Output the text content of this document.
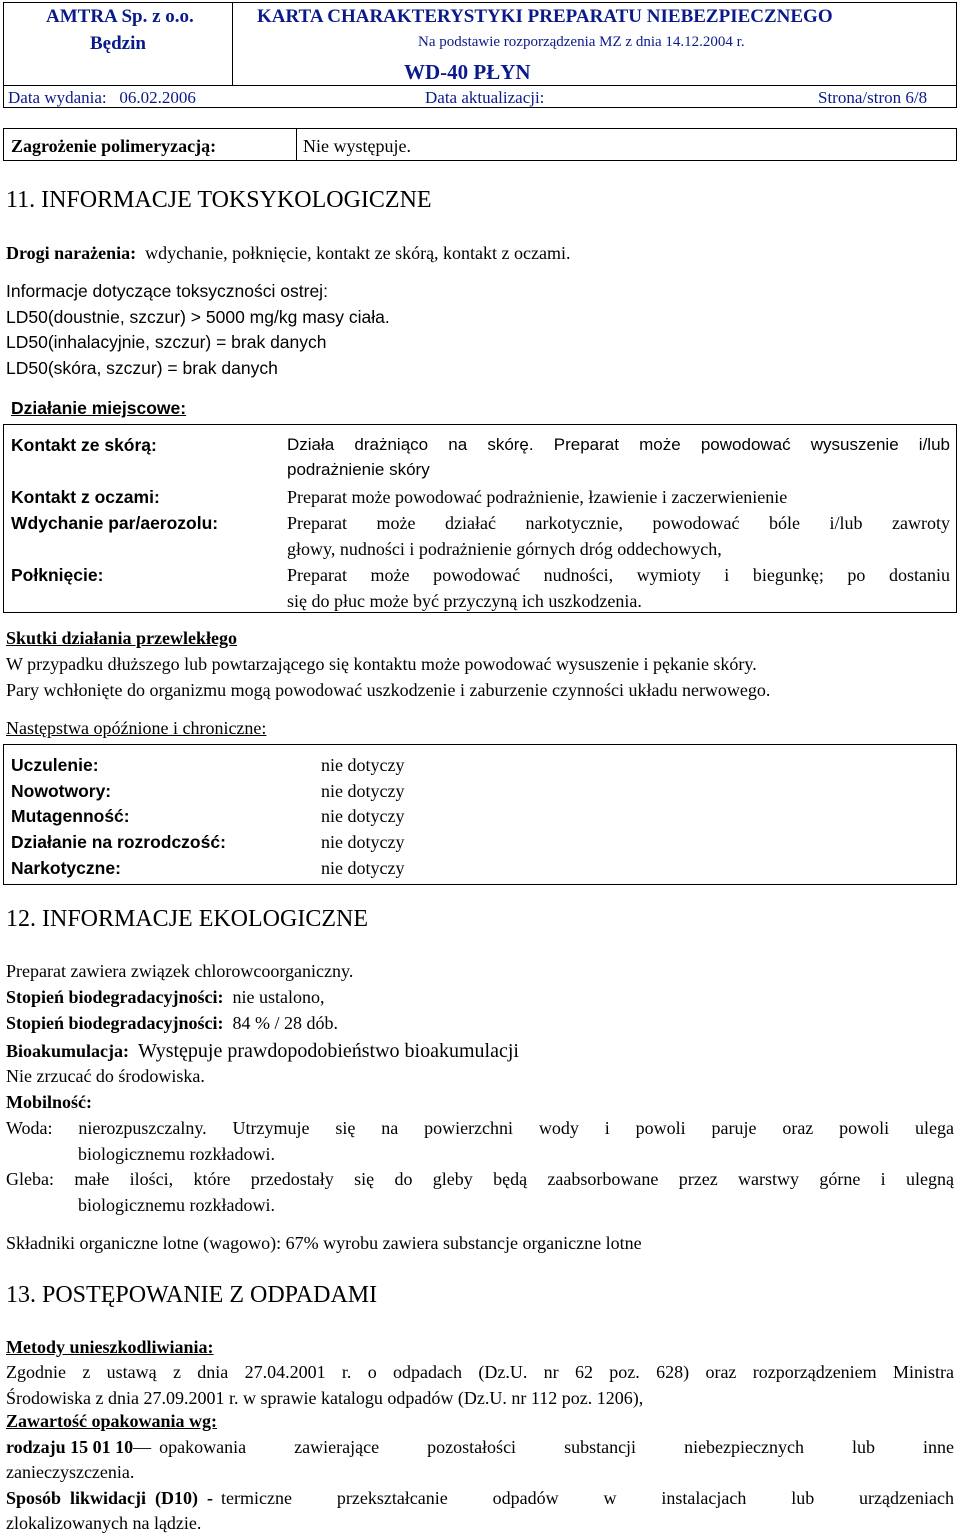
AMTRA Sp. z o.o.
Będzin
KARTA CHARAKTERYSTYKI PREPARATU NIEBEZPIECZNEGO
Na podstawie rozporządzenia MZ z dnia 14.12.2004 r.
WD-40 PŁYN
Data wydania: 06.02.2006	Data aktualizacji:	Strona/stron 6/8
Zagrożenie polimeryzacją:	Nie występuje.
11. INFORMACJE TOKSYKOLOGICZNE
Drogi narażenia: wdychanie, połknięcie, kontakt ze skórą, kontakt z oczami.
Informacje dotyczące toksyczności ostrej:
LD50(doustnie, szczur) > 5000 mg/kg masy ciała.
LD50(inhalacyjnie, szczur) = brak danych
LD50(skóra, szczur) = brak danych
Działanie miejscowe:
Kontakt ze skórą:	Działa drażniąco na skórę. Preparat może powodować wysuszenie i/lub
podrażnienie skóry
Kontakt z oczami:	Preparat może powodować podrażnienie, łzawienie i zaczerwienienie
Wdychanie par/aerozolu:	Preparat może działać narkotycznie, powodować bóle i/lub zawroty
głowy, nudności i podrażnienie górnych dróg oddechowych,
Połknięcie:	Preparat może powodować nudności, wymioty i biegunkę; po dostaniu
się do płuc może być przyczyną ich uszkodzenia.
Skutki działania przewlekłego
W przypadku dłuższego lub powtarzającego się kontaktu może powodować wysuszenie i pękanie skóry.
Pary wchłonięte do organizmu mogą powodować uszkodzenie i zaburzenie czynności układu nerwowego.
Następstwa opóźnione i chroniczne:
Uczulenie:	nie dotyczy
Nowotwory:	nie dotyczy
Mutagenność:	nie dotyczy
Działanie na rozrodczość:	nie dotyczy
Narkotyczne:	nie dotyczy
12. INFORMACJE EKOLOGICZNE
Preparat zawiera związek chlorowcoorganiczny.
Stopień biodegradacyjności: nie ustalono,
Stopień biodegradacyjności: 84 % / 28 dób.
Bioakumulacja: Występuje prawdopodobieństwo bioakumulacji
Nie zrzucać do środowiska.
Mobilność:
Woda: nierozpuszczalny. Utrzymuje się na powierzchni wody i powoli paruje oraz powoli ulega
biologicznemu rozkładowi.
Gleba: małe ilości, które przedostały się do gleby będą zaabsorbowane przez warstwy górne i ulegną
biologicznemu rozkładowi.
Składniki organiczne lotne (wagowo): 67% wyrobu zawiera substancje organiczne lotne
13. POSTĘPOWANIE Z ODPADAMI
Metody unieszkodliwiania:
Zgodnie z ustawą z dnia 27.04.2001 r. o odpadach (Dz.U. nr 62 poz. 628) oraz rozporządzeniem Ministra
Środowiska z dnia 27.09.2001 r. w sprawie katalogu odpadów (Dz.U. nr 112 poz. 1206),
Zawartość opakowania wg:
rodzaju 15 01 10 — opakowania zawierające pozostałości substancji niebezpiecznych lub inne
zanieczyszczenia.
Sposób  likwidacji  (D10)  - termiczne przekształcanie odpadów w instalacjach lub urządzeniach
zlokalizowanych na lądzie.
